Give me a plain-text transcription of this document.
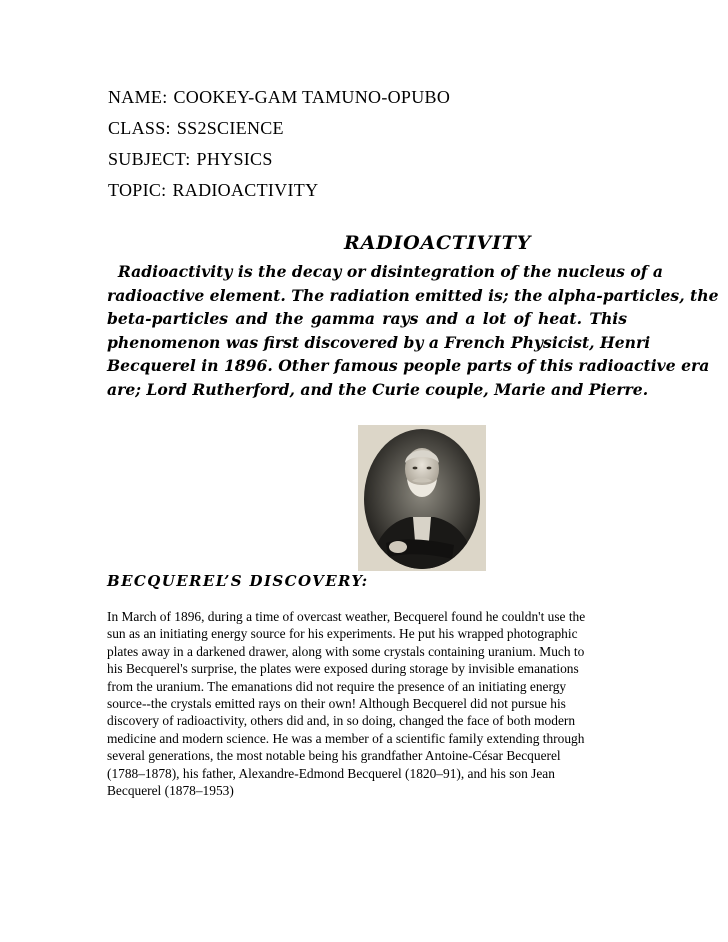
NAME: COOKEY-GAM TAMUNO-OPUBO
CLASS: SS2SCIENCE
SUBJECT: PHYSICS
TOPIC: RADIOACTIVITY
RADIOACTIVITY

Radioactivity is the decay or disintegration of the nucleus of a
radioactive element. The radiation emitted is; the alpha-particles, the
beta-particles and the gamma rays and a lot of heat. This
phenomenon was first discovered by a French Physicist, Henri
Becquerel in 1896. Other famous people parts of this radioactive era
are; Lord Rutherford, and the Curie couple, Marie and Pierre.

BECQUEREL’S DISCOVERY:

In March of 1896, during a time of overcast weather, Becquerel found he couldn't use the
sun as an initiating energy source for his experiments. He put his wrapped photographic
plates away in a darkened drawer, along with some crystals containing uranium. Much to
his Becquerel's surprise, the plates were exposed during storage by invisible emanations
from the uranium. The emanations did not require the presence of an initiating energy
source--the crystals emitted rays on their own! Although Becquerel did not pursue his
discovery of radioactivity, others did and, in so doing, changed the face of both modern
medicine and modern science. He was a member of a scientific family extending through
several generations, the most notable being his grandfather Antoine-César Becquerel
(1788–1878), his father, Alexandre-Edmond Becquerel (1820–91), and his son Jean
Becquerel (1878–1953)
